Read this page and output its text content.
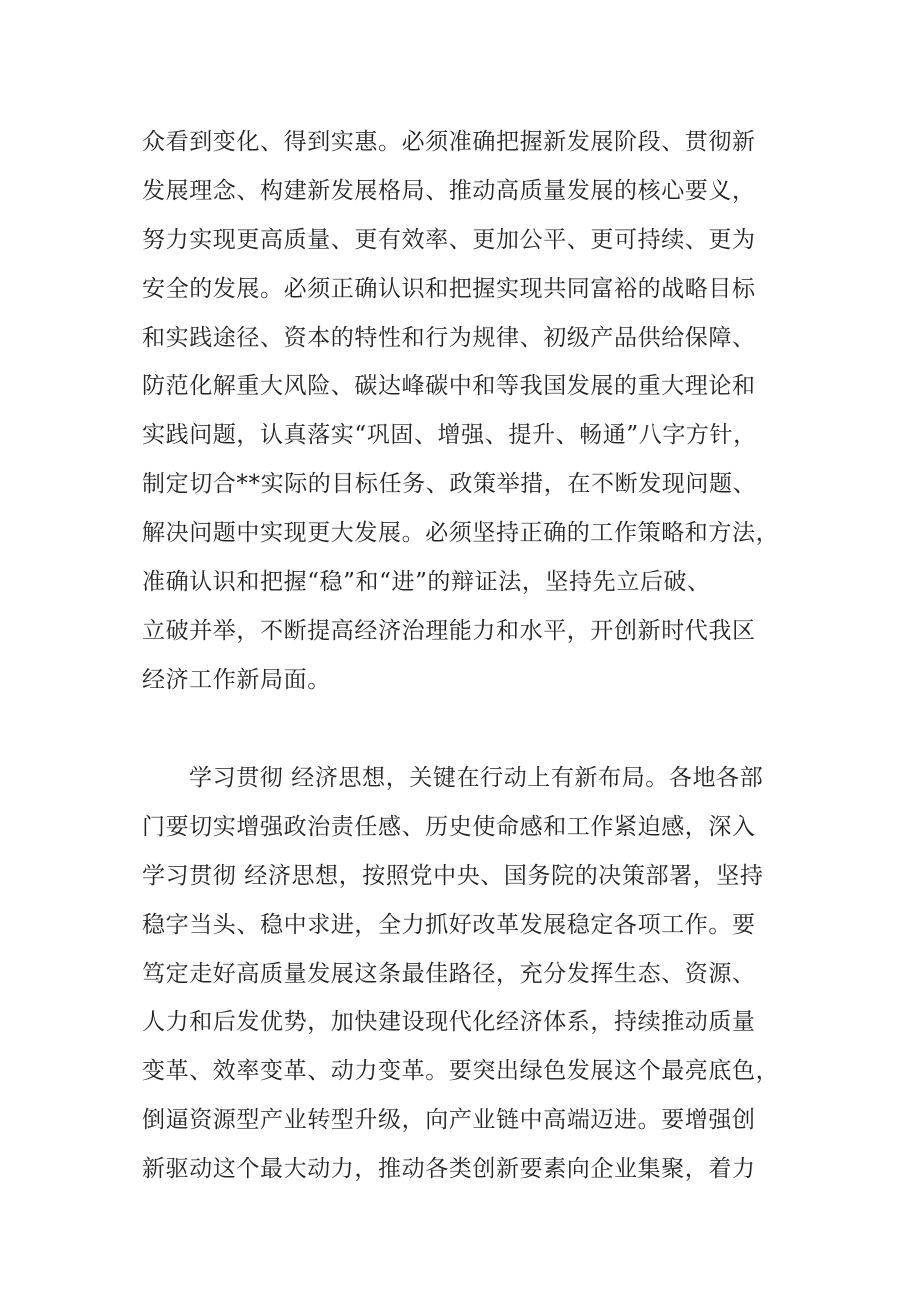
众看到变化、得到实惠。必须准确把握新发展阶段、贯彻新
发展理念、构建新发展格局、推动高质量发展的核心要义，
努力实现更高质量、更有效率、更加公平、更可持续、更为
安全的发展。必须正确认识和把握实现共同富裕的战略目标
和实践途径、资本的特性和行为规律、初级产品供给保障、
防范化解重大风险、碳达峰碳中和等我国发展的重大理论和
实践问题，认真落实“巩固、增强、提升、畅通”八字方针，
制定切合**实际的目标任务、政策举措，在不断发现问题、
解决问题中实现更大发展。必须坚持正确的工作策略和方法，
准确认识和把握“稳”和“进”的辩证法，坚持先立后破、
立破并举，不断提高经济治理能力和水平，开创新时代我区
经济工作新局面。
学习贯彻 经济思想，关键在行动上有新布局。各地各部
门要切实增强政治责任感、历史使命感和工作紧迫感，深入
学习贯彻 经济思想，按照党中央、国务院的决策部署，坚持
稳字当头、稳中求进，全力抓好改革发展稳定各项工作。要
笃定走好高质量发展这条最佳路径，充分发挥生态、资源、
人力和后发优势，加快建设现代化经济体系，持续推动质量
变革、效率变革、动力变革。要突出绿色发展这个最亮底色，
倒逼资源型产业转型升级，向产业链中高端迈进。要增强创
新驱动这个最大动力，推动各类创新要素向企业集聚，着力
